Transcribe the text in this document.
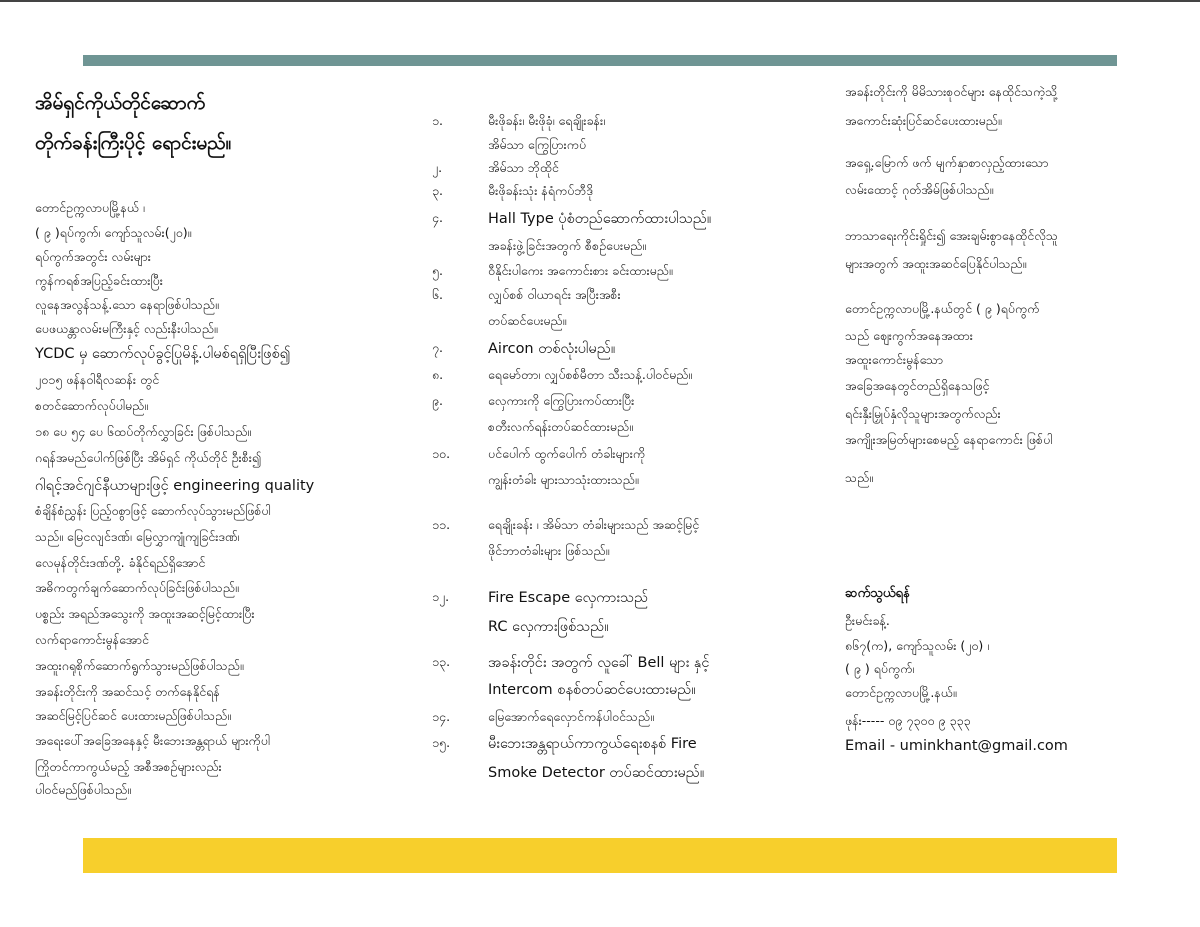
အိမ်ရှင်ကိုယ်တိုင်ဆောက်
တိုက်ခန်းကြီးပိုင့် ရောင်းမည်။
တောင်ဥက္ကလာပမြို့နယ် ၊
( ၉ )ရပ်ကွက်၊ ကျော်သူလမ်း(၂၀)။
ရပ်ကွက်အတွင်း လမ်းများ
ကွန်ကရစ်အပြည့်ခင်းထားပြီး
လူနေအလွန်သန့်.သော နေရာဖြစ်ပါသည်။
ပေဖယန္တာလမ်းမကြီးနှင့် လည်းနီးပါသည်။
YCDC မှ ဆောက်လုပ်ခွင့်ပြုမိန့်.ပါမစ်ရရှိပြီးဖြစ်၍
၂၀၁၅ ဖန်နဝါရီလဆန်း တွင်
စတင်ဆောက်လုပ်ပါမည်။
၁၈ ပေ ၅၄ ပေ ၆ထပ်တိုက်လွှာခြင်း ဖြစ်ပါသည်။
ဂရန်အမည်ပေါက်ဖြစ်ပြီး အိမ်ရှင် ကိုယ်တိုင် ဦးစီး၍
ဂါရင့်အင်ဂျင်နီယာများဖြင့် engineering quality
စံချိန်စံညွှန်း ပြည့်ဝစွာဖြင့် ဆောက်လုပ်သွားမည်ဖြစ်ပါ
သည်။ မြေငလျင်ဒဏ်၊ မြေလွှာကျုံကျခြင်းဒဏ်၊
လေမုန်တိုင်းဒဏ်တို့. ခံနိုင်ရည်ရှိအောင်
အဓိကတွက်ချက်ဆောက်လုပ်ခြင်းဖြစ်ပါသည်။
ပစ္စည်း အရည်အသွေးကို အထူးအဆင့်မြင့်ထားပြီး
လက်ရာကောင်းမွန်အောင်
အထူးဂရုစိုက်ဆောက်ရွက်သွားမည်ဖြစ်ပါသည်။
အခန်းတိုင်းကို အဆင်သင့် တက်နေနိုင်ရန်
အဆင်မြင့်ပြင်ဆင် ပေးထားမည်ဖြစ်ပါသည်။
အရေးပေါ်အခြေအနေနှင့် မီးဘေးအန္တရာယ် များကိုပါ
ကြိုတင်ကာကွယ်မည့် အစီအစဉ်များလည်း
ပါဝင်မည်ဖြစ်ပါသည်။
၁.	မီးဖိုခန်း၊ မီးဖိုခုံ၊ ရေချိုးခန်း၊
အိမ်သာ ကြွေပြားကပ်
၂.	အိမ်သာ ဘိုထိုင်
၃.	မီးဖိုခန်းသုံး နံရံကပ်ဘီဒို
၄.	Hall Type ပုံစံတည်ဆောက်ထားပါသည်။
အခန်းဖွဲ့ခြင်းအတွက် စီစဉ်ပေးမည်။
၅.	ဝီနိုင်းပါကေး အကောင်းစား ခင်းထားမည်။
၆.	လျှပ်စစ် ဝါယာရင်း အပြီးအစီး
တပ်ဆင်ပေးမည်။
၇.	Aircon တစ်လုံးပါမည်။
၈.	ရေမော်တာ၊ လျှပ်စစ်မီတာ သီးသန့်.ပါဝင်မည်။
၉.	လှေကားကို ကြွေပြားကပ်ထားပြီး
စတီးလက်ရန်းတပ်ဆင်ထားမည်။
၁၀.	ပင်ပေါက် ထွက်ပေါက် တံခါးများကို
ကျွန်းတံခါး များသာသုံးထားသည်။
၁၁.	ရေချိုးခန်း ၊ အိမ်သာ တံခါးများသည် အဆင့်မြင့်
ဖိုင်ဘာတံခါးများ ဖြစ်သည်။
၁၂.	Fire Escape လှေကားသည်
RC လှေကားဖြစ်သည်။
၁၃.	အခန်းတိုင်း အတွက် လူခေါ် Bell များ နှင့်
Intercom စနစ်တပ်ဆင်ပေးထားမည်။
၁၄.	မြေအောက်ရေလှောင်ကန်ပါဝင်သည်။
၁၅.	မီးဘေးအန္တရာယ်ကာကွယ်ရေးစနစ် Fire
Smoke Detector တပ်ဆင်ထားမည်။
အခန်းတိုင်းကို မိမိသားစုဝင်များ နေထိုင်သကဲ့သို့
အကောင်းဆုံးပြင်ဆင်ပေးထားမည်။
အရှေ့.မြောက် ဖက် မျက်နှာစာလှည့်ထားသော
လမ်းထောင့် ဂုတ်အိမ်ဖြစ်ပါသည်။
ဘာသာရေးကိုင်းရှိုင်း၍ အေးချမ်းစွာနေထိုင်လိုသူ
များအတွက် အထူးအဆင်ပြေနိုင်ပါသည်။
တောင်ဥက္ကလာပမြို့.နယ်တွင် ( ၉ )ရပ်ကွက်
သည် ဈေးကွက်အနေအထား
အထူးကောင်းမွန်သော
အခြေအနေတွင်တည်ရှိနေသဖြင့်
ရင်းနှီးမြှုပ်နှံလိုသူများအတွက်လည်း
အကျိုးအမြတ်များစေမည့် နေရာကောင်း ဖြစ်ပါ
သည်။
ဆက်သွယ်ရန်
ဦးမင်းခန့်.
၈၆၇(က), ကျော်သူလမ်း (၂၀) ၊
( ၉ ) ရပ်ကွက်၊
တောင်ဥက္ကလာပမြို့.နယ်။
ဖုန်း----- ၀၉ ၇၃၀၀ ၉ ၃၃၃
Email - uminkhant@gmail.com
